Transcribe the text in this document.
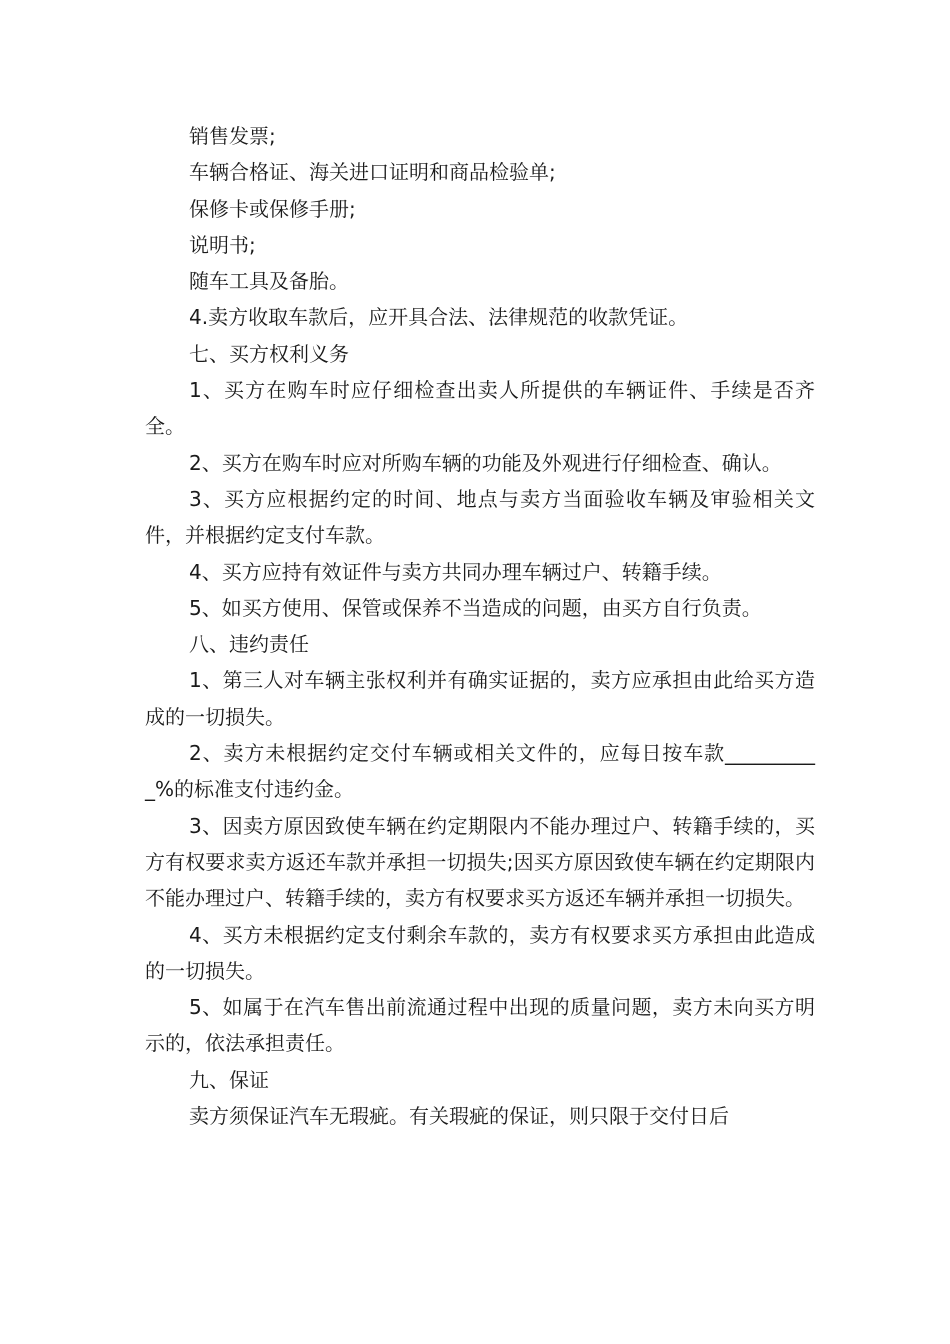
销售发票;

车辆合格证、海关进口证明和商品检验单;

保修卡或保修手册;

说明书;

随车工具及备胎。

4.卖方收取车款后，应开具合法、法律规范的收款凭证。

七、买方权利义务

1、买方在购车时应仔细检查出卖人所提供的车辆证件、手续是否齐全。

2、买方在购车时应对所购车辆的功能及外观进行仔细检查、确认。

3、买方应根据约定的时间、地点与卖方当面验收车辆及审验相关文件，并根据约定支付车款。

4、买方应持有效证件与卖方共同办理车辆过户、转籍手续。

5、如买方使用、保管或保养不当造成的问题，由买方自行负责。

八、违约责任

1、第三人对车辆主张权利并有确实证据的，卖方应承担由此给买方造成的一切损失。

2、卖方未根据约定交付车辆或相关文件的，应每日按车款__________%的标准支付违约金。

3、因卖方原因致使车辆在约定期限内不能办理过户、转籍手续的，买方有权要求卖方返还车款并承担一切损失;因买方原因致使车辆在约定期限内不能办理过户、转籍手续的，卖方有权要求买方返还车辆并承担一切损失。

4、买方未根据约定支付剩余车款的，卖方有权要求买方承担由此造成的一切损失。

5、如属于在汽车售出前流通过程中出现的质量问题，卖方未向买方明示的，依法承担责任。

九、保证

卖方须保证汽车无瑕疵。有关瑕疵的保证，则只限于交付日后
